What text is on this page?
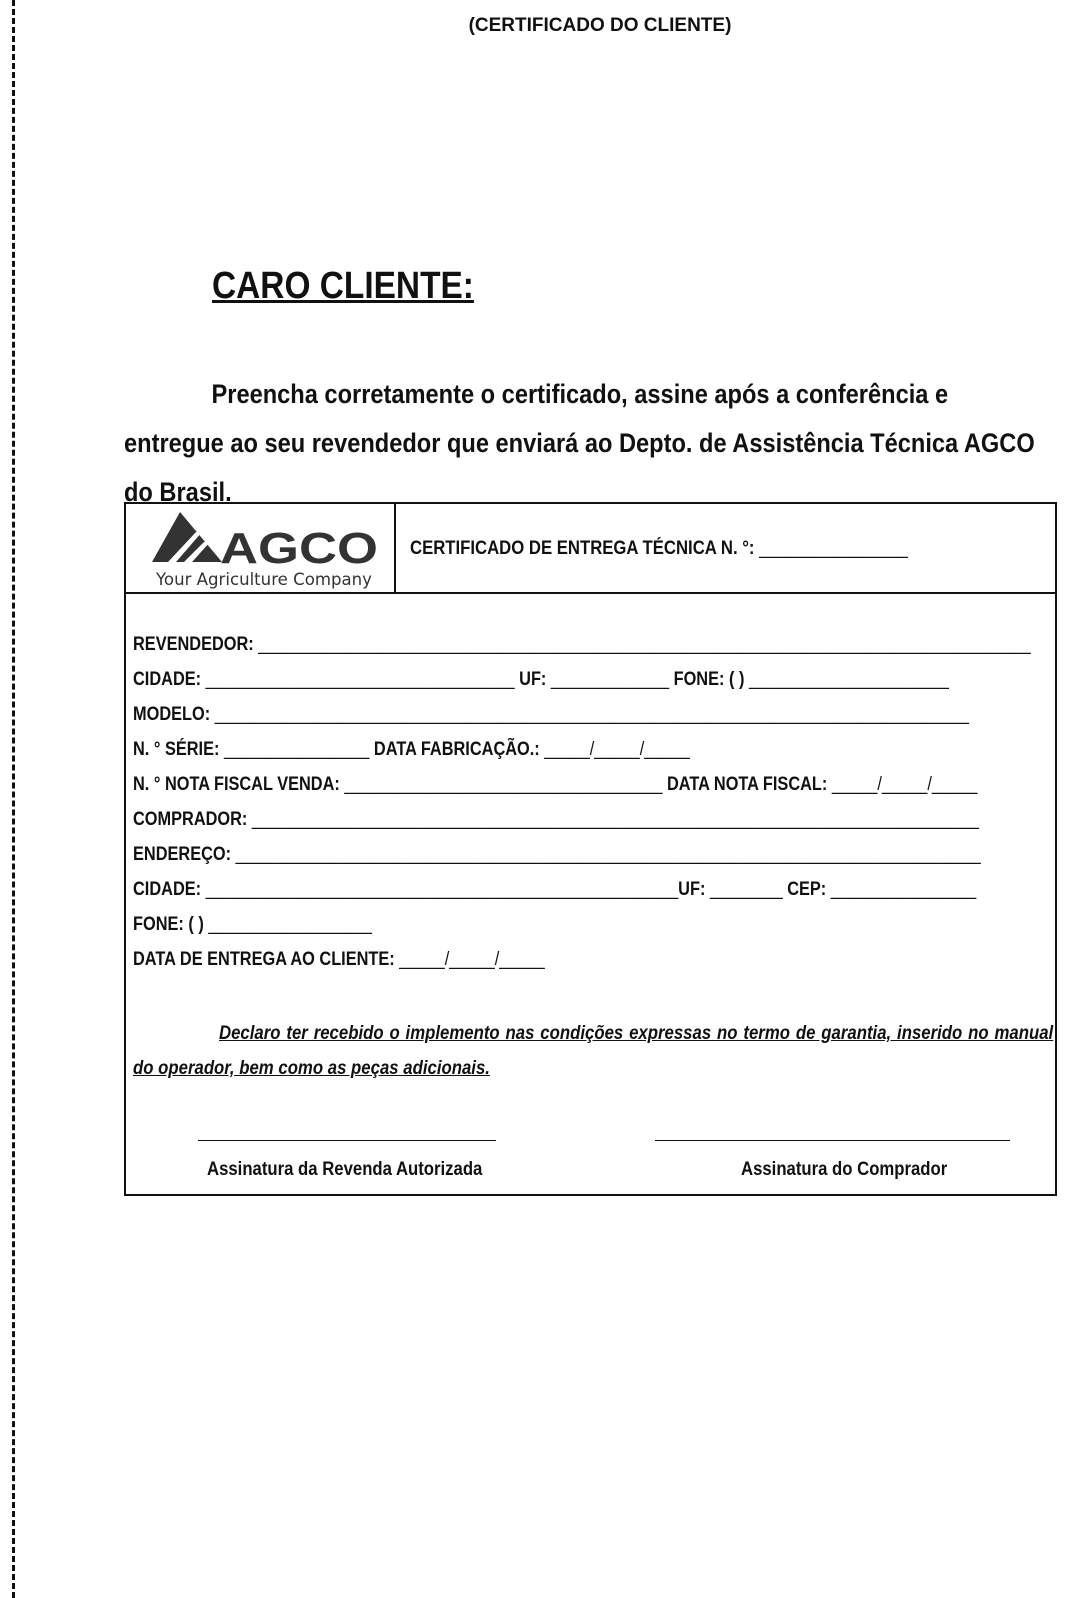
(CERTIFICADO DO CLIENTE)
CARO CLIENTE:
Preencha corretamente o certificado, assine após a conferência e entregue ao seu revendedor que enviará ao Depto. de Assistência Técnica AGCO do Brasil.
AGCO
Your Agriculture Company
CERTIFICADO DE ENTREGA TÉCNICA N. °: ________________
REVENDEDOR: _____________________________________________________________________________________
CIDADE: __________________________________ UF: _____________ FONE: ( ) ______________________
MODELO: ___________________________________________________________________________________
N. ° SÉRIE: ________________ DATA FABRICAÇÃO.: _____/_____/_____
N. ° NOTA FISCAL VENDA: ___________________________________ DATA NOTA FISCAL: _____/_____/_____
COMPRADOR: ________________________________________________________________________________
ENDEREÇO: __________________________________________________________________________________
CIDADE: ____________________________________________________UF: ________ CEP: ________________
FONE: ( ) __________________
DATA DE ENTREGA AO CLIENTE: _____/_____/_____
Declaro ter recebido o implemento nas condições expressas no termo de garantia, inserido no manual do operador, bem como as peças adicionais.
Assinatura da Revenda Autorizada	Assinatura do Comprador
